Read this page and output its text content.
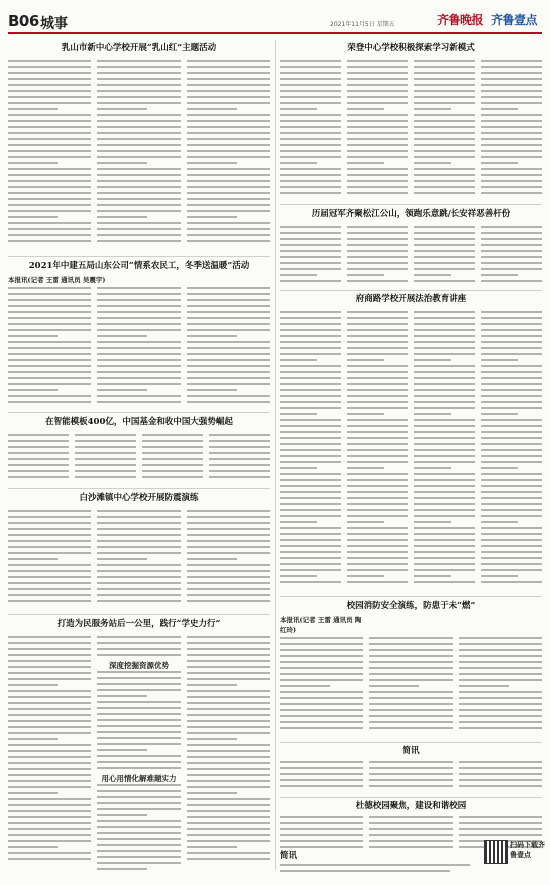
B06 城事	2021年11月5日 星期五	齐鲁晚报 齐鲁壹点
乳山市新中心学校开展“乳山红”主题活动	荣登中心学校积极探索学习新模式
2021年中建五局山东公司“情系农民工，冬季送温暖”活动
本报讯(记者 王雷 通讯员 吴震宇)
历届冠军齐聚松江公山，领跑乐意跳/长安祥恶善杆份
府商路学校开展法治教育讲座
在智能模板400亿，中国基金和收中国大强势崛起
白沙滩镇中心学校开展防震演练
校园消防安全演练，防患于未“燃”
本报讯(记者 王雷 通讯员 陶红玲)
打造为民服务站后一公里，践行“学史力行”
深度挖掘资源优势
用心用情化解难题实力
简讯
杜德校园聚焦，建设和谐校园
简讯
扫码下载齐鲁壹点
